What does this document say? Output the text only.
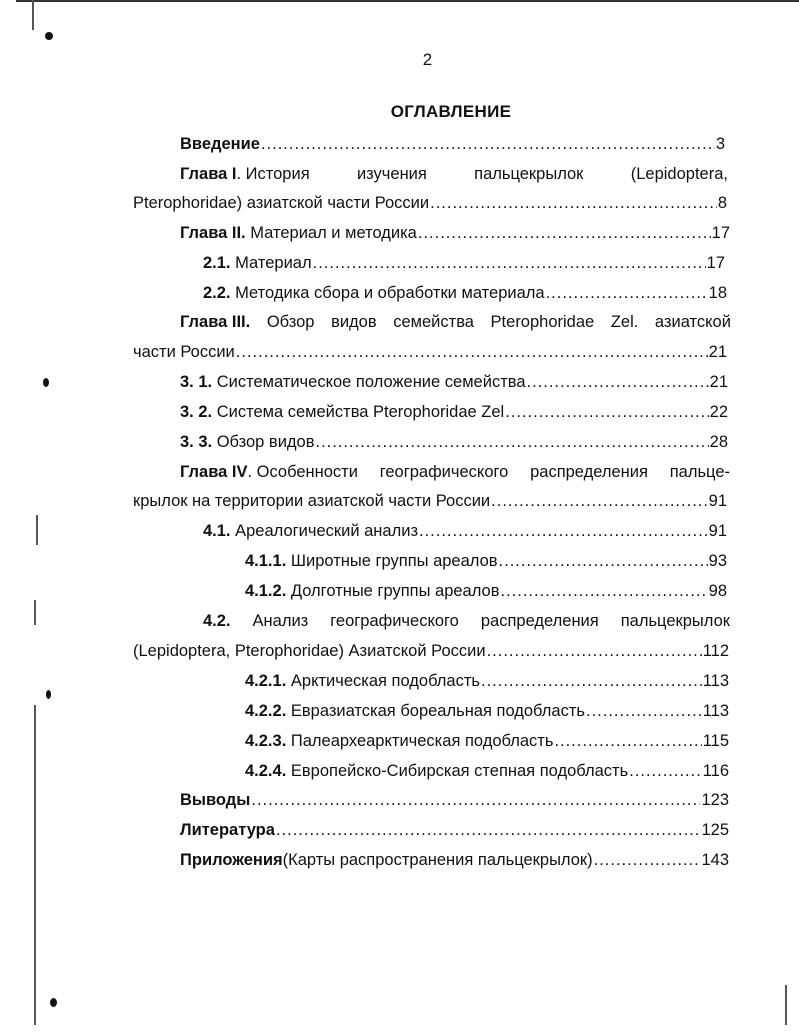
2
ОГЛАВЛЕНИЕ
Введение .....	3
Глава I. История	изучения	пальцекрылок	(Lepidoptera,
Pterophoridae) азиатской части России .....	8
Глава II. Материал и методика .....	17
2.1. Материал .....	17
2.2. Методика сбора и обработки материала .....	18
Глава III. Обзор видов семейства Pterophoridae Zel. азиатской
части России .....	21
3. 1. Систематическое положение семейства .....	21
3. 2. Система семейства Pterophoridae Zel .....	22
3. 3. Обзор видов .....	28
Глава IV. Особенности географического распределения пальце-
крылок на территории азиатской части России .....	91
4.1. Ареалогический анализ .....	91
4.1.1. Широтные группы ареалов .....	93
4.1.2. Долготные группы ареалов .....	98
4.2. Анализ географического распределения пальцекрылок
(Lepidoptera, Pterophoridae) Азиатской России .....	112
4.2.1. Арктическая подобласть .....	113
4.2.2. Евразиатская бореальная подобласть .....	113
4.2.3. Палеархеарктическая подобласть .....	115
4.2.4. Европейско-Сибирская степная подобласть .....	116
Выводы .....	123
Литература .....	125
Приложения (Карты распространения пальцекрылок) .....	143
